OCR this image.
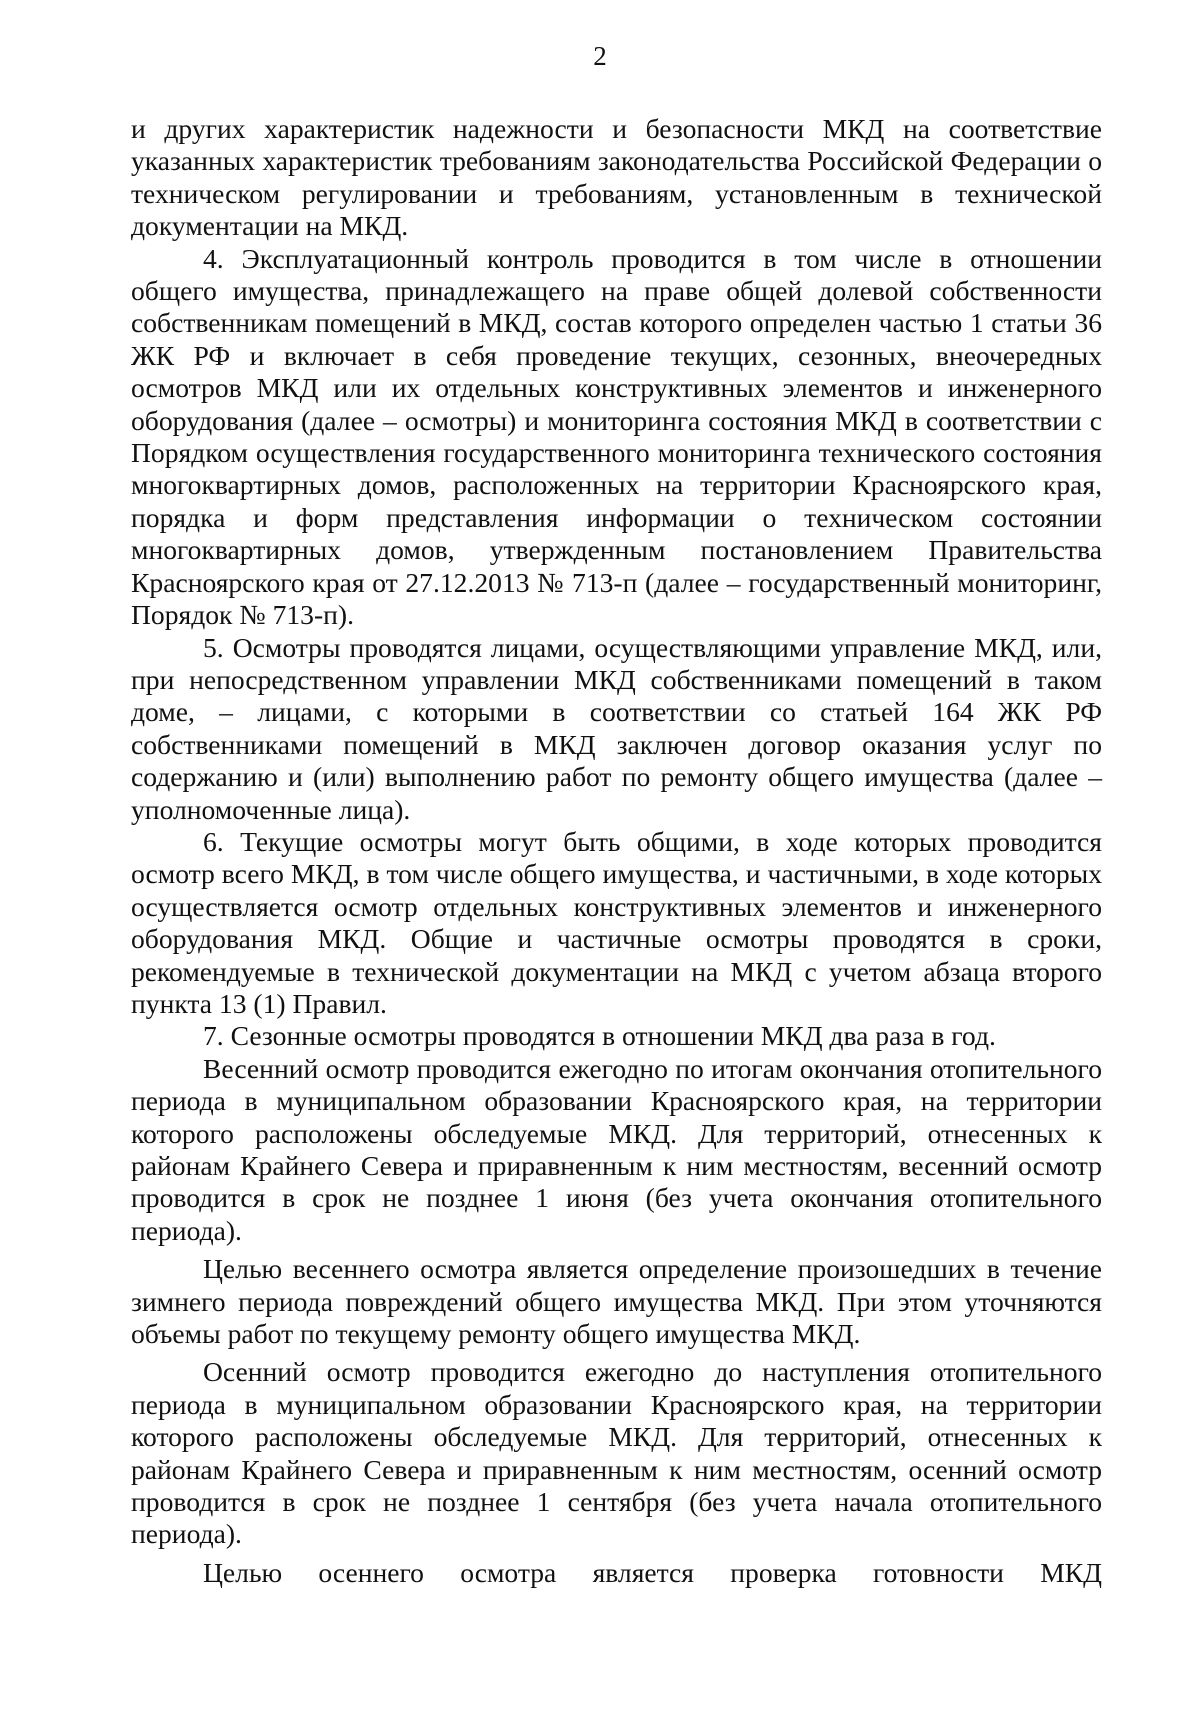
2

и других характеристик надежности и безопасности МКД на соответствие указанных характеристик требованиям законодательства Российской Федерации о техническом регулировании и требованиям, установленным в технической документации на МКД.

4. Эксплуатационный контроль проводится в том числе в отношении общего имущества, принадлежащего на праве общей долевой собственности собственникам помещений в МКД, состав которого определен частью 1 статьи 36 ЖК РФ и включает в себя проведение текущих, сезонных, внеочередных осмотров МКД или их отдельных конструктивных элементов и инженерного оборудования (далее – осмотры) и мониторинга состояния МКД в соответствии с Порядком осуществления государственного мониторинга технического состояния многоквартирных домов, расположенных на территории Красноярского края, порядка и форм представления информации о техническом состоянии многоквартирных домов, утвержденным постановлением Правительства Красноярского края от 27.12.2013 № 713-п (далее – государственный мониторинг, Порядок № 713-п).

5. Осмотры проводятся лицами, осуществляющими управление МКД, или, при непосредственном управлении МКД собственниками помещений в таком доме, – лицами, с которыми в соответствии со статьей 164 ЖК РФ собственниками помещений в МКД заключен договор оказания услуг по содержанию и (или) выполнению работ по ремонту общего имущества (далее – уполномоченные лица).

6. Текущие осмотры могут быть общими, в ходе которых проводится осмотр всего МКД, в том числе общего имущества, и частичными, в ходе которых осуществляется осмотр отдельных конструктивных элементов и инженерного оборудования МКД. Общие и частичные осмотры проводятся в сроки, рекомендуемые в технической документации на МКД с учетом абзаца второго пункта 13 (1) Правил.

7. Сезонные осмотры проводятся в отношении МКД два раза в год.

Весенний осмотр проводится ежегодно по итогам окончания отопительного периода в муниципальном образовании Красноярского края, на территории которого расположены обследуемые МКД. Для территорий, отнесенных к районам Крайнего Севера и приравненным к ним местностям, весенний осмотр проводится в срок не позднее 1 июня (без учета окончания отопительного периода).

Целью весеннего осмотра является определение произошедших в течение зимнего периода повреждений общего имущества МКД. При этом уточняются объемы работ по текущему ремонту общего имущества МКД.

Осенний осмотр проводится ежегодно до наступления отопительного периода в муниципальном образовании Красноярского края, на территории которого расположены обследуемые МКД. Для территорий, отнесенных к районам Крайнего Севера и приравненным к ним местностям, осенний осмотр проводится в срок не позднее 1 сентября (без учета начала отопительного периода).

Целью осеннего осмотра является проверка готовности МКД
